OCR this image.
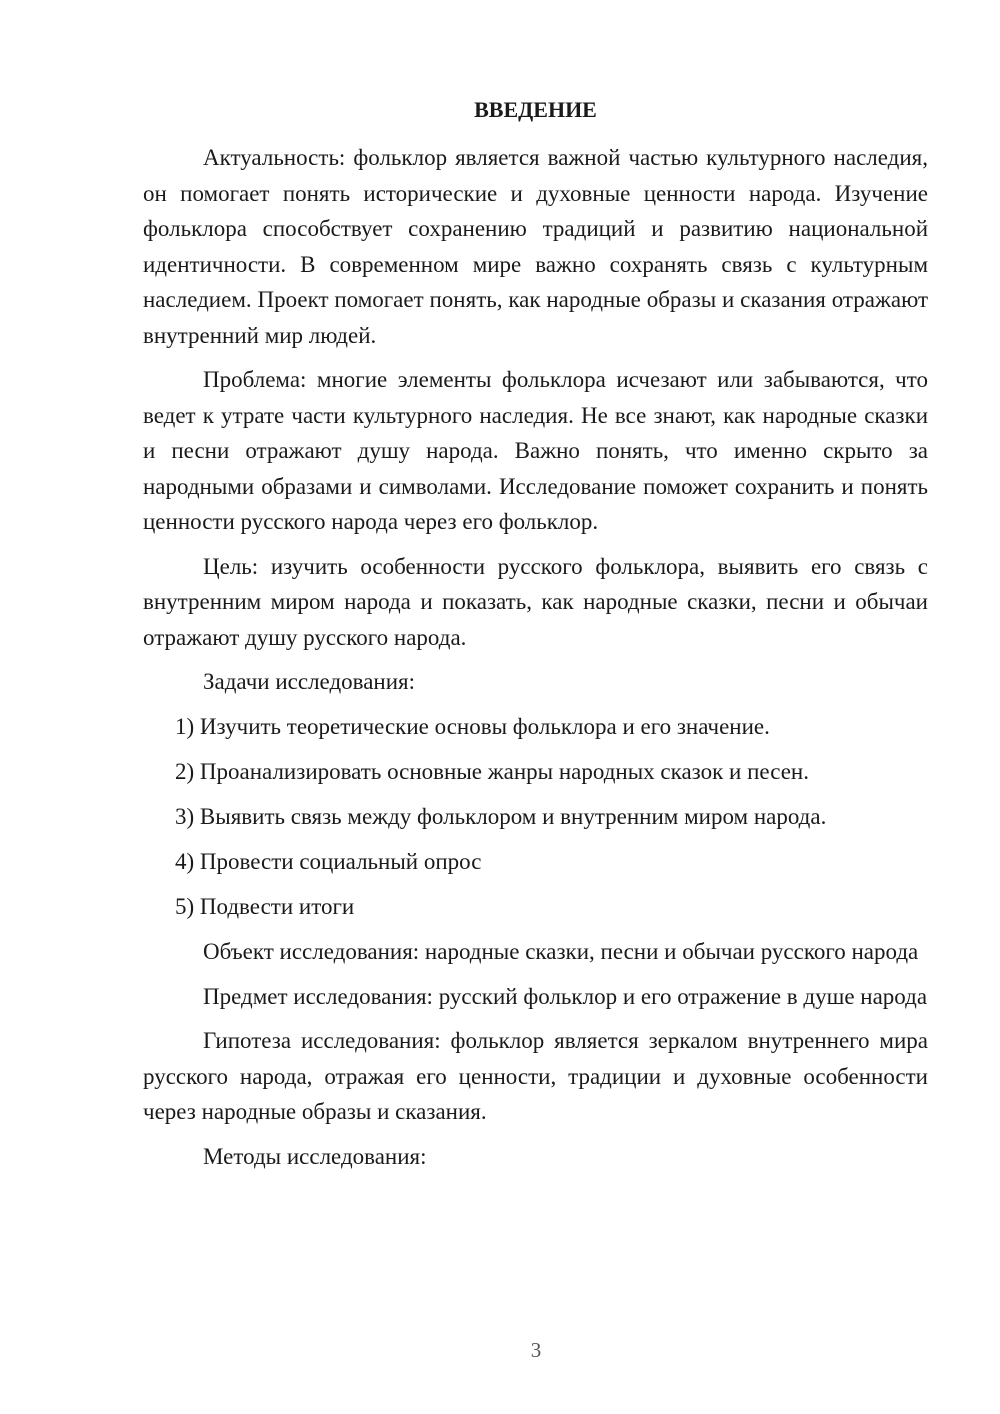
ВВЕДЕНИЕ

Актуальность: фольклор является важной частью культурного наследия, он помогает понять исторические и духовные ценности народа. Изучение фольклора способствует сохранению традиций и развитию национальной идентичности. В современном мире важно сохранять связь с культурным наследием. Проект помогает понять, как народные образы и сказания отражают внутренний мир людей.

Проблема: многие элементы фольклора исчезают или забываются, что ведет к утрате части культурного наследия. Не все знают, как народные сказки и песни отражают душу народа. Важно понять, что именно скрыто за народными образами и символами. Исследование поможет сохранить и понять ценности русского народа через его фольклор.

Цель: изучить особенности русского фольклора, выявить его связь с внутренним миром народа и показать, как народные сказки, песни и обычаи отражают душу русского народа.

Задачи исследования:

1) Изучить теоретические основы фольклора и его значение.

2) Проанализировать основные жанры народных сказок и песен.

3) Выявить связь между фольклором и внутренним миром народа.

4) Провести социальный опрос

5) Подвести итоги

Объект исследования: народные сказки, песни и обычаи русского народа

Предмет исследования: русский фольклор и его отражение в душе народа

Гипотеза исследования: фольклор является зеркалом внутреннего мира русского народа, отражая его ценности, традиции и духовные особенности через народные образы и сказания.

Методы исследования:

3
